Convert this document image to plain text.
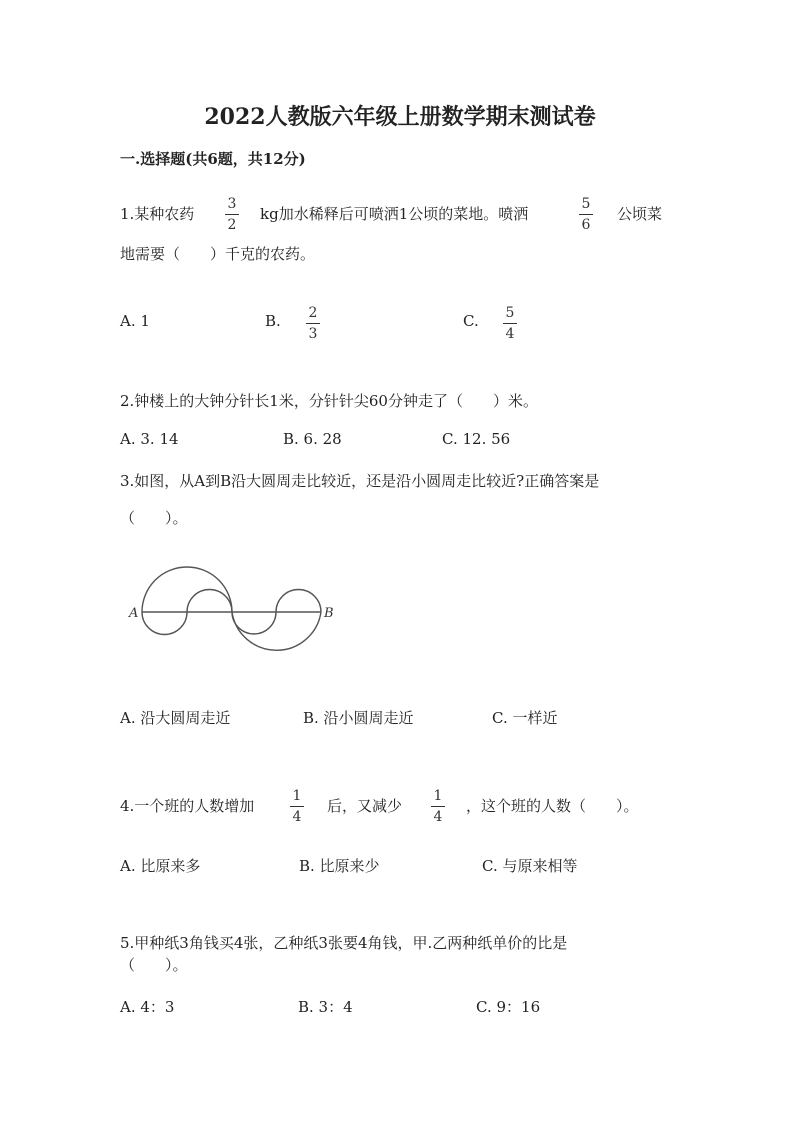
2022人教版六年级上册数学期末测试卷
一.选择题(共6题，共12分)
1.某种农药
3
2
kg加水稀释后可喷洒1公顷的菜地。喷洒
5
6
公顷菜
地需要（　　）千克的农药。
A. 1	B. 2
3
C. 5
4
2.钟楼上的大钟分针长1米，分针针尖60分钟走了（　　）米。
A. 3. 14	B. 6. 28	C. 12. 56
3.如图，从A到B沿大圆周走比较近，还是沿小圆周走比较近?正确答案是
（　　）。
A	B
A. 沿大圆周走近	B. 沿小圆周走近	C. 一样近
4.一个班的人数增加
1
4
后，又减少
1
4
，这个班的人数（　　）。
A. 比原来多	B. 比原来少	C. 与原来相等
5.甲种纸3角钱买4张，乙种纸3张要4角钱，甲.乙两种纸单价的比是
（　　）。
A. 4：3	B. 3：4	C. 9：16
